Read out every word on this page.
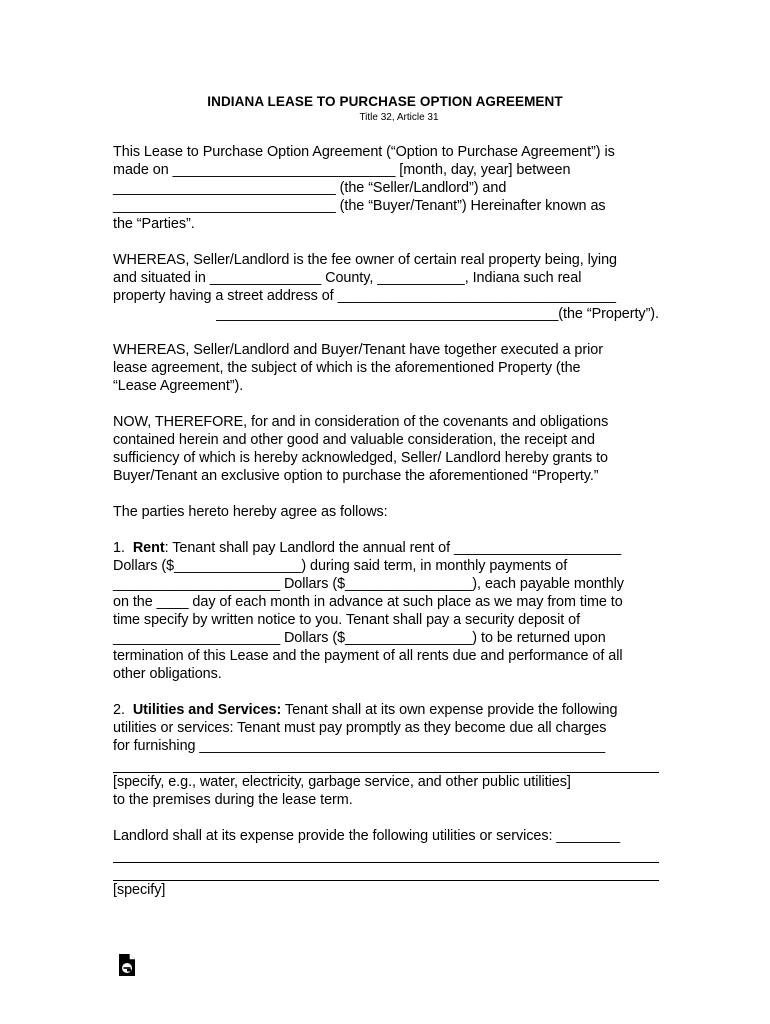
INDIANA LEASE TO PURCHASE OPTION AGREEMENT
Title 32, Article 31

This Lease to Purchase Option Agreement (“Option to Purchase Agreement”) is

made on ____________________________ [month, day, year] between

____________________________ (the “Seller/Landlord”) and

____________________________ (the “Buyer/Tenant”) Hereinafter known as

the “Parties”.

WHEREAS, Seller/Landlord is the fee owner of certain real property being, lying

and situated in ______________ County, ___________, Indiana such real

property having a street address of ___________________________________

___________________________________________(the “Property”).

WHEREAS, Seller/Landlord and Buyer/Tenant have together executed a prior

lease agreement, the subject of which is the aforementioned Property (the

“Lease Agreement”).

NOW, THEREFORE, for and in consideration of the covenants and obligations

contained herein and other good and valuable consideration, the receipt and

sufficiency of which is hereby acknowledged, Seller/ Landlord hereby grants to

Buyer/Tenant an exclusive option to purchase the aforementioned “Property.”

The parties hereto hereby agree as follows:

1. Rent: Tenant shall pay Landlord the annual rent of _____________________

Dollars ($________________) during said term, in monthly payments of

_____________________ Dollars ($________________), each payable monthly

on the ____ day of each month in advance at such place as we may from time to

time specify by written notice to you. Tenant shall pay a security deposit of

_____________________ Dollars ($________________) to be returned upon

termination of this Lease and the payment of all rents due and performance of all

other obligations.

2. Utilities and Services: Tenant shall at its own expense provide the following

utilities or services: Tenant must pay promptly as they become due all charges

for furnishing ___________________________________________________

[specify, e.g., water, electricity, garbage service, and other public utilities]

to the premises during the lease term.

Landlord shall at its expense provide the following utilities or services: ________

[specify]
